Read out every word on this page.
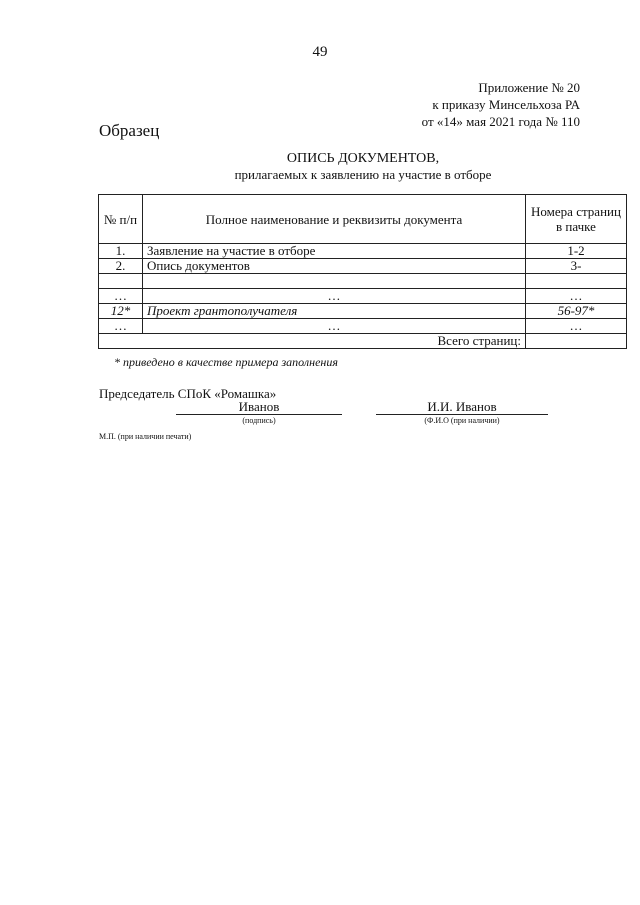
49
Приложение № 20
к приказу Минсельхоза РА
от «14» мая 2021 года № 110
Образец
ОПИСЬ ДОКУМЕНТОВ,
прилагаемых к заявлению на участие в отборе
№ п/п	Полное наименование и реквизиты документа	Номера страниц в пачке
1.	Заявление на участие в отборе	1-2
2.	Опись документов	3-

…	…	…
12*	Проект грантополучателя	56-97*
…	…	…
Всего страниц:		
* приведено в качестве примера заполнения
Председатель СПоК «Ромашка»
Иванов
(подпись)
И.И. Иванов
(Ф.И.О (при наличии)
М.П. (при наличии печати)
